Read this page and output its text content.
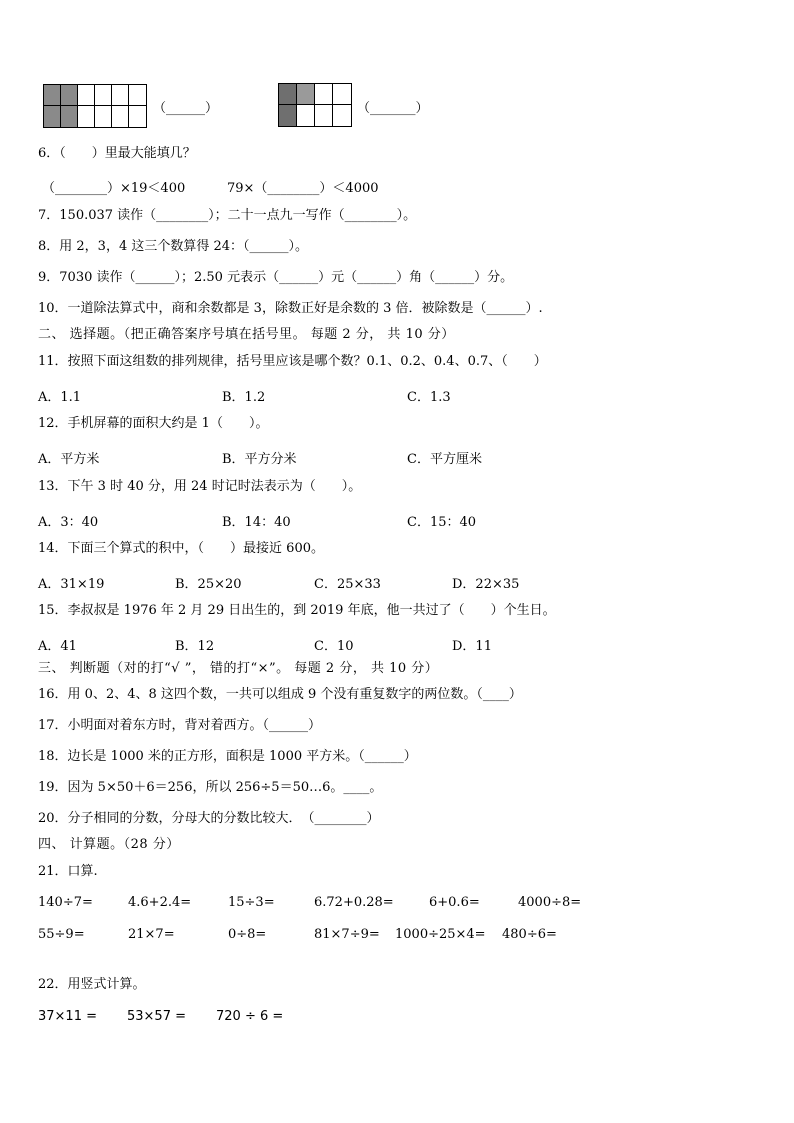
（______）	（_______）
6．（　　）里最大能填几？
（________）×19＜400	79×（________）＜4000
7．150.037 读作（________）；二十一点九一写作（________）。
8．用 2，3，4 这三个数算得 24：（______）。
9．7030 读作（______）；2.50 元表示（______）元（______）角（______）分。
10．一道除法算式中，商和余数都是 3，除数正好是余数的 3 倍．被除数是（______）.
二、 选择题。（把正确答案序号填在括号里。 每题 2 分， 共 10 分）
11．按照下面这组数的排列规律，括号里应该是哪个数？0.1、0.2、0.4、0.7、（　　）
A．1.1	B．1.2	C．1.3
12．手机屏幕的面积大约是 1（　　）。
A．平方米	B．平方分米	C．平方厘米
13．下午 3 时 40 分，用 24 时记时法表示为（　　）。
A．3：40	B．14：40	C．15：40
14．下面三个算式的积中，（　　）最接近 600。
A．31×19	B．25×20	C．25×33	D．22×35
15．李叔叔是 1976 年 2 月 29 日出生的，到 2019 年底，他一共过了（　　）个生日。
A．41	B．12	C．10	D．11
三、 判断题（对的打“√ ”， 错的打“×”。 每题 2 分， 共 10 分）
16．用 0、2、4、8 这四个数，一共可以组成 9 个没有重复数字的两位数。（____）
17．小明面对着东方时，背对着西方。（______）
18．边长是 1000 米的正方形，面积是 1000 平方米。（______）
19．因为 5×50＋6＝256，所以 256÷5＝50…6。____。
20．分子相同的分数，分母大的分数比较大．　（________）
四、 计算题。（28 分）
21．口算.
140÷7=	4.6+2.4=	15÷3=	6.72+0.28=	6+0.6=	4000÷8=
55÷9=	21×7=	0÷8=	81×7÷9= 1000÷25×4= 480÷6=
22．用竖式计算。
37×11 = 53×57 = 720 ÷ 6 =
